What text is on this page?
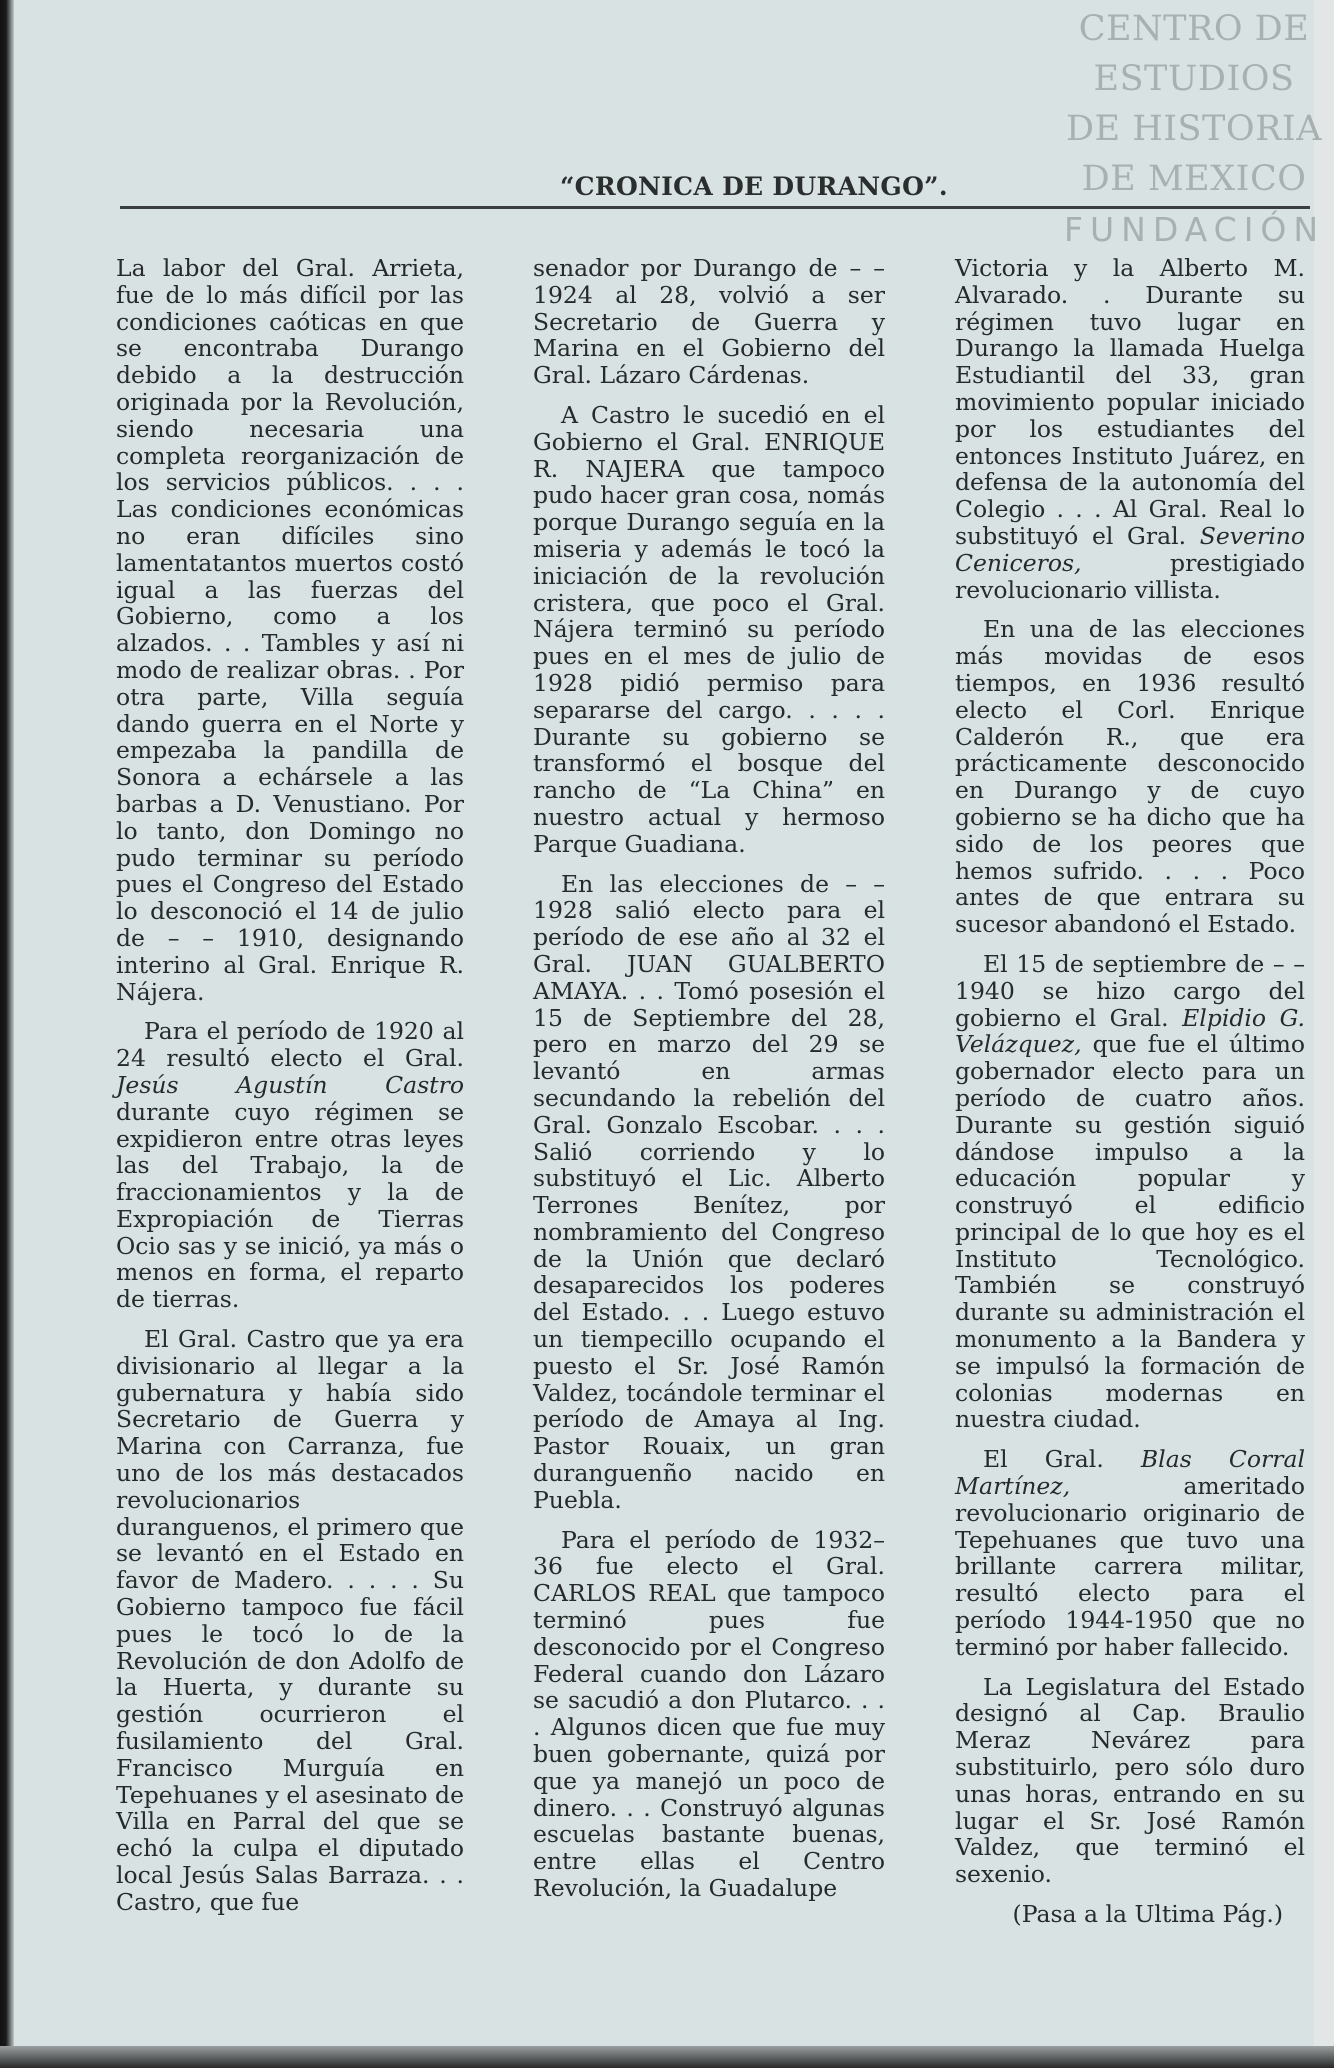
CENTRO DE
ESTUDIOS
DE HISTORIA
DE MEXICO
FUNDACIÓN
“CRONICA DE DURANGO”.

La labor del Gral. Arrieta, fue de lo más difícil por las condiciones caóticas en que se encontraba Durango debido a la destrucción originada por la Revolución, siendo necesaria una completa reorganización de los servicios públicos. . . . Las condiciones económicas no eran difíciles sino lamentatantos muertos costó igual a las fuerzas del Gobierno, como a los alzados. . . Tambles y así ni modo de realizar obras. . Por otra parte, Villa seguía dando guerra en el Norte y empezaba la pandilla de Sonora a echársele a las barbas a D. Venustiano. Por lo tanto, don Domingo no pudo terminar su período pues el Congreso del Estado lo desconoció el 14 de julio de – – 1910, designando interino al Gral. Enrique R. Nájera.

Para el período de 1920 al 24 resultó electo el Gral. Jesús Agustín Castro durante cuyo régimen se expidieron entre otras leyes las del Trabajo, la de fraccionamientos y la de Expropiación de Tierras Ocio sas y se inició, ya más o menos en forma, el reparto de tierras.

El Gral. Castro que ya era divisionario al llegar a la gubernatura y había sido Secretario de Guerra y Marina con Carranza, fue uno de los más destacados revolucionarios duranguenos, el primero que se levantó en el Estado en favor de Madero. . . . . Su Gobierno tampoco fue fácil pues le tocó lo de la Revolución de don Adolfo de la Huerta, y durante su gestión ocurrieron el fusilamiento del Gral. Francisco Murguía en Tepehuanes y el asesinato de Villa en Parral del que se echó la culpa el diputado local Jesús Salas Barraza. . . Castro, que fue

senador por Durango de – – 1924 al 28, volvió a ser Secretario de Guerra y Marina en el Gobierno del Gral. Lázaro Cárdenas.

A Castro le sucedió en el Gobierno el Gral. ENRIQUE R. NAJERA que tampoco pudo hacer gran cosa, nomás porque Durango seguía en la miseria y además le tocó la iniciación de la revolución cristera, que poco el Gral. Nájera terminó su período pues en el mes de julio de 1928 pidió permiso para separarse del cargo. . . . . Durante su gobierno se transformó el bosque del rancho de “La China” en nuestro actual y hermoso Parque Guadiana.

En las elecciones de – – 1928 salió electo para el período de ese año al 32 el Gral. JUAN GUALBERTO AMAYA. . . Tomó posesión el 15 de Septiembre del 28, pero en marzo del 29 se levantó en armas secundando la rebelión del Gral. Gonzalo Escobar. . . . Salió corriendo y lo substituyó el Lic. Alberto Terrones Benítez, por nombramiento del Congreso de la Unión que declaró desaparecidos los poderes del Estado. . . Luego estuvo un tiempecillo ocupando el puesto el Sr. José Ramón Valdez, tocándole terminar el período de Amaya al Ing. Pastor Rouaix, un gran duranguenño nacido en Puebla.

Para el período de 1932– 36 fue electo el Gral. CARLOS REAL que tampoco terminó pues fue desconocido por el Congreso Federal cuando don Lázaro se sacudió a don Plutarco. . . . Algunos dicen que fue muy buen gobernante, quizá por que ya manejó un poco de dinero. . . Construyó algunas escuelas bastante buenas, entre ellas el Centro Revolución, la Guadalupe

Victoria y la Alberto M. Alvarado. . Durante su régimen tuvo lugar en Durango la llamada Huelga Estudiantil del 33, gran movimiento popular iniciado por los estudiantes del entonces Instituto Juárez, en defensa de la autonomía del Colegio . . . Al Gral. Real lo substituyó el Gral. Severino Ceniceros, prestigiado revolucionario villista.

En una de las elecciones más movidas de esos tiempos, en 1936 resultó electo el Corl. Enrique Calderón R., que era prácticamente desconocido en Durango y de cuyo gobierno se ha dicho que ha sido de los peores que hemos sufrido. . . . Poco antes de que entrara su sucesor abandonó el Estado.

El 15 de septiembre de – – 1940 se hizo cargo del gobierno el Gral. Elpidio G. Velázquez, que fue el último gobernador electo para un período de cuatro años. Durante su gestión siguió dándose impulso a la educación popular y construyó el edificio principal de lo que hoy es el Instituto Tecnológico. También se construyó durante su administración el monumento a la Bandera y se impulsó la formación de colonias modernas en nuestra ciudad.

El Gral. Blas Corral Martínez, ameritado revolucionario originario de Tepehuanes que tuvo una brillante carrera militar, resultó electo para el período 1944-1950 que no terminó por haber fallecido.

La Legislatura del Estado designó al Cap. Braulio Meraz Nevárez para substituirlo, pero sólo duro unas horas, entrando en su lugar el Sr. José Ramón Valdez, que terminó el sexenio.

(Pasa a la Ultima Pág.)
